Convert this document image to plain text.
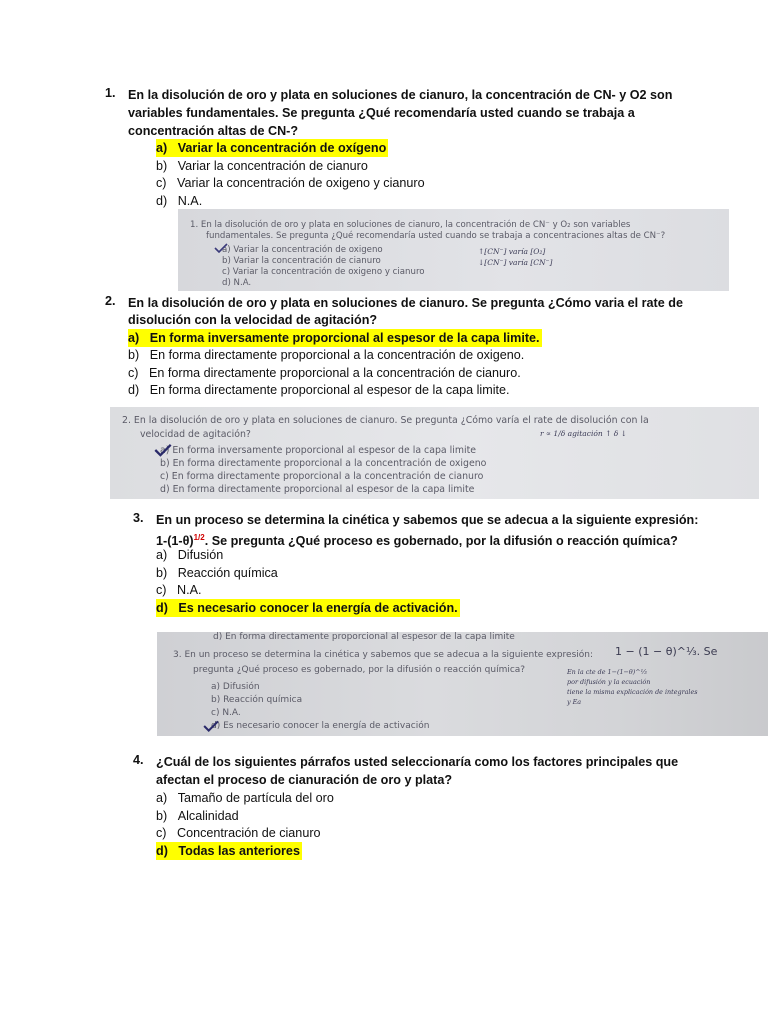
1. En la disolución de oro y plata en soluciones de cianuro, la concentración de CN- y O2 son
variables fundamentales. Se pregunta ¿Qué recomendaría usted cuando se trabaja a
concentración altas de CN-?
a) Variar la concentración de oxígeno
b) Variar la concentración de cianuro
c) Variar la concentración de oxigeno y cianuro
d) N.A.
1. En la disolución de oro y plata en soluciones de cianuro, la concentración de CN⁻ y O₂ son variables
fundamentales. Se pregunta ¿Qué recomendaría usted cuando se trabaja a concentraciones altas de CN⁻?
a) Variar la concentración de oxigeno
b) Variar la concentración de cianuro
c) Variar la concentración de oxigeno y cianuro
d) N.A.
↑[CN⁻] varía [O₂]
↓[CN⁻] varía [CN⁻]
2. En la disolución de oro y plata en soluciones de cianuro. Se pregunta ¿Cómo varia el rate de
disolución con la velocidad de agitación?
a) En forma inversamente proporcional al espesor de la capa limite.
b) En forma directamente proporcional a la concentración de oxigeno.
c) En forma directamente proporcional a la concentración de cianuro.
d) En forma directamente proporcional al espesor de la capa limite.
2. En la disolución de oro y plata en soluciones de cianuro. Se pregunta ¿Cómo varía el rate de disolución con la
velocidad de agitación?
a) En forma inversamente proporcional al espesor de la capa limite
b) En forma directamente proporcional a la concentración de oxigeno
c) En forma directamente proporcional a la concentración de cianuro
d) En forma directamente proporcional al espesor de la capa limite
r ∝ 1/δ agitación ↑ δ ↓
3. En un proceso se determina la cinética y sabemos que se adecua a la siguiente expresión:
$1-(1-\theta)^{1/2}$. Se pregunta ¿Qué proceso es gobernado, por la difusión o reacción química?
a) Difusión
b) Reacción química
c) N.A.
d) Es necesario conocer la energía de activación.
d) En forma directamente proporcional al espesor de la capa limite
3. En un proceso se determina la cinética y sabemos que se adecua a la siguiente expresión: 1 − (1 − θ)^⅓. Se
pregunta ¿Qué proceso es gobernado, por la difusión o reacción química?
a) Difusión
b) Reacción química
c) N.A.
d) Es necesario conocer la energía de activación
En la cte de 1−(1−θ)^⅓
por difusión y la ecuación
tiene la misma explicación de integrales
y Ea
4. ¿Cuál de los siguientes párrafos usted seleccionaría como los factores principales que
afectan el proceso de cianuración de oro y plata?
a) Tamaño de partícula del oro
b) Alcalinidad
c) Concentración de cianuro
d) Todas las anteriores
